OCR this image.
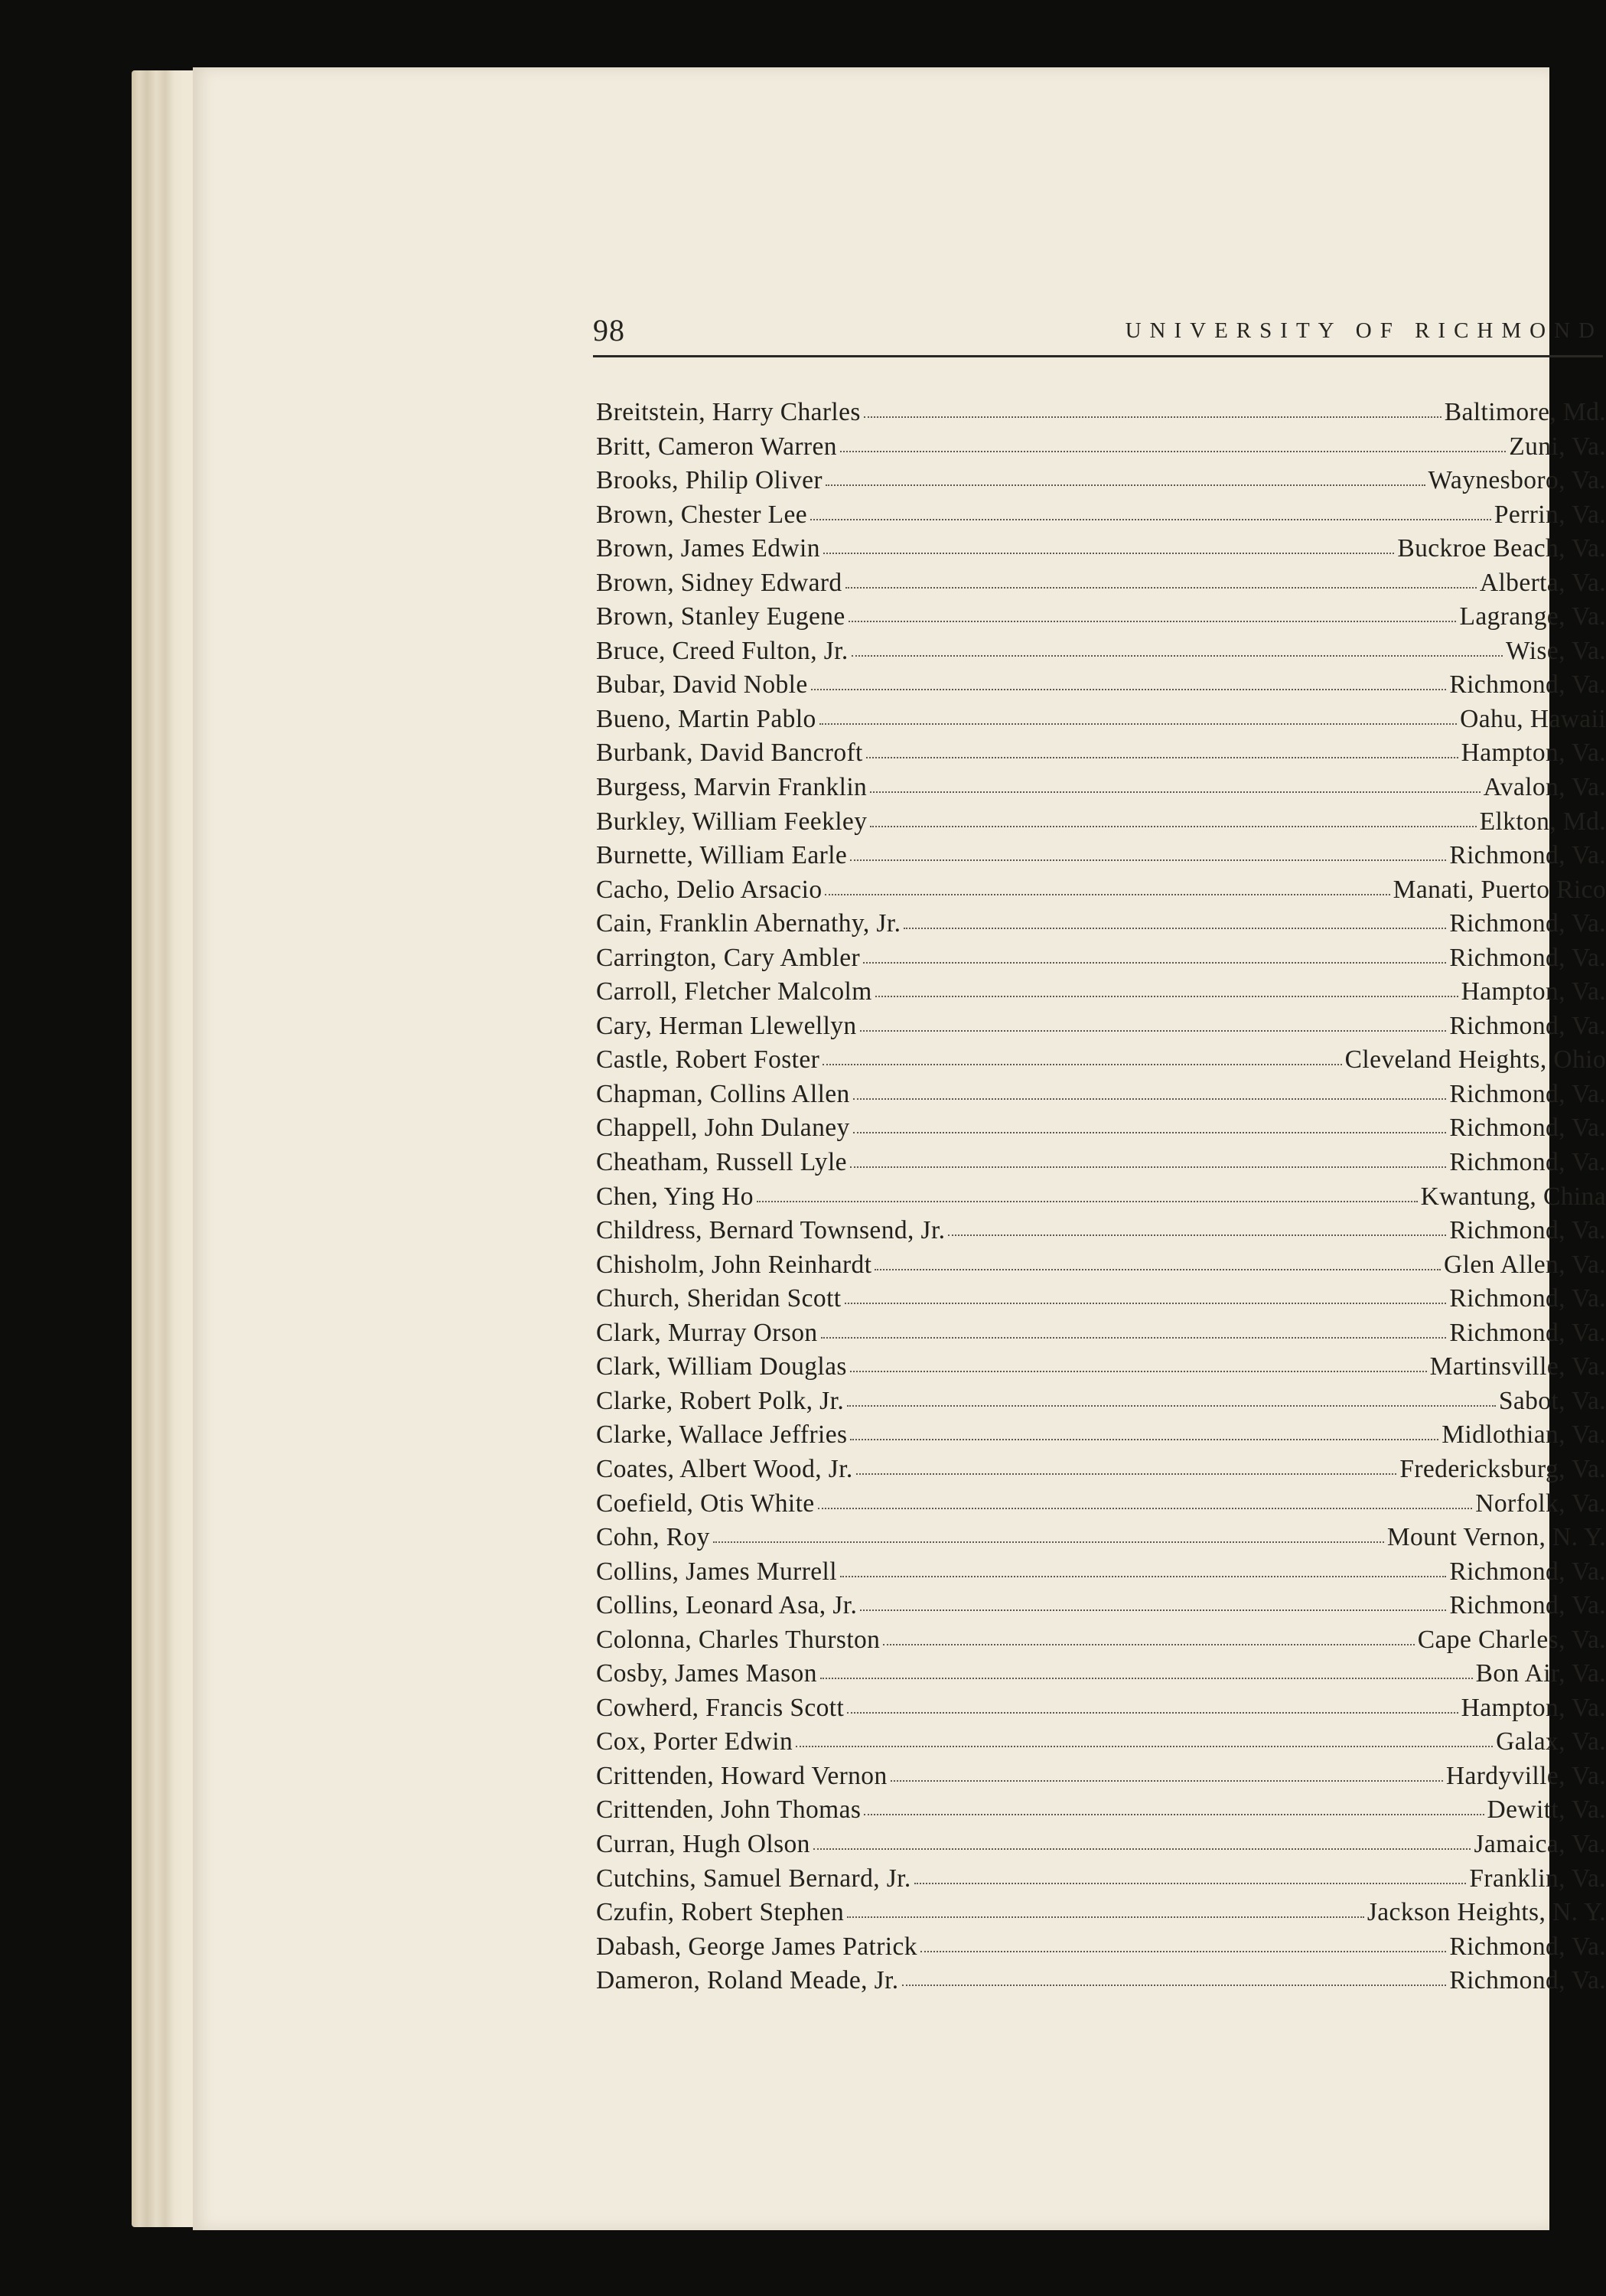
98	UNIVERSITY OF RICHMOND
Breitstein, Harry Charles	Baltimore, Md.
Britt, Cameron Warren	Zuni, Va.
Brooks, Philip Oliver	Waynesboro, Va.
Brown, Chester Lee	Perrin, Va.
Brown, James Edwin	Buckroe Beach, Va.
Brown, Sidney Edward	Alberta, Va.
Brown, Stanley Eugene	Lagrange, Va.
Bruce, Creed Fulton, Jr.	Wise, Va.
Bubar, David Noble	Richmond, Va.
Bueno, Martin Pablo	Oahu, Hawaii
Burbank, David Bancroft	Hampton, Va.
Burgess, Marvin Franklin	Avalon, Va.
Burkley, William Feekley	Elkton, Md.
Burnette, William Earle	Richmond, Va.
Cacho, Delio Arsacio	Manati, Puerto Rico
Cain, Franklin Abernathy, Jr.	Richmond, Va.
Carrington, Cary Ambler	Richmond, Va.
Carroll, Fletcher Malcolm	Hampton, Va.
Cary, Herman Llewellyn	Richmond, Va.
Castle, Robert Foster	Cleveland Heights, Ohio
Chapman, Collins Allen	Richmond, Va.
Chappell, John Dulaney	Richmond, Va.
Cheatham, Russell Lyle	Richmond, Va.
Chen, Ying Ho	Kwantung, China
Childress, Bernard Townsend, Jr.	Richmond, Va.
Chisholm, John Reinhardt	Glen Allen, Va.
Church, Sheridan Scott	Richmond, Va.
Clark, Murray Orson	Richmond, Va.
Clark, William Douglas	Martinsville, Va.
Clarke, Robert Polk, Jr.	Sabot, Va.
Clarke, Wallace Jeffries	Midlothian, Va.
Coates, Albert Wood, Jr.	Fredericksburg, Va.
Coefield, Otis White	Norfolk, Va.
Cohn, Roy	Mount Vernon, N. Y.
Collins, James Murrell	Richmond, Va.
Collins, Leonard Asa, Jr.	Richmond, Va.
Colonna, Charles Thurston	Cape Charles, Va.
Cosby, James Mason	Bon Air, Va.
Cowherd, Francis Scott	Hampton, Va.
Cox, Porter Edwin	Galax, Va.
Crittenden, Howard Vernon	Hardyville, Va.
Crittenden, John Thomas	Dewitt, Va.
Curran, Hugh Olson	Jamaica, Va.
Cutchins, Samuel Bernard, Jr.	Franklin, Va.
Czufin, Robert Stephen	Jackson Heights, N. Y.
Dabash, George James Patrick	Richmond, Va.
Dameron, Roland Meade, Jr.	Richmond, Va.
